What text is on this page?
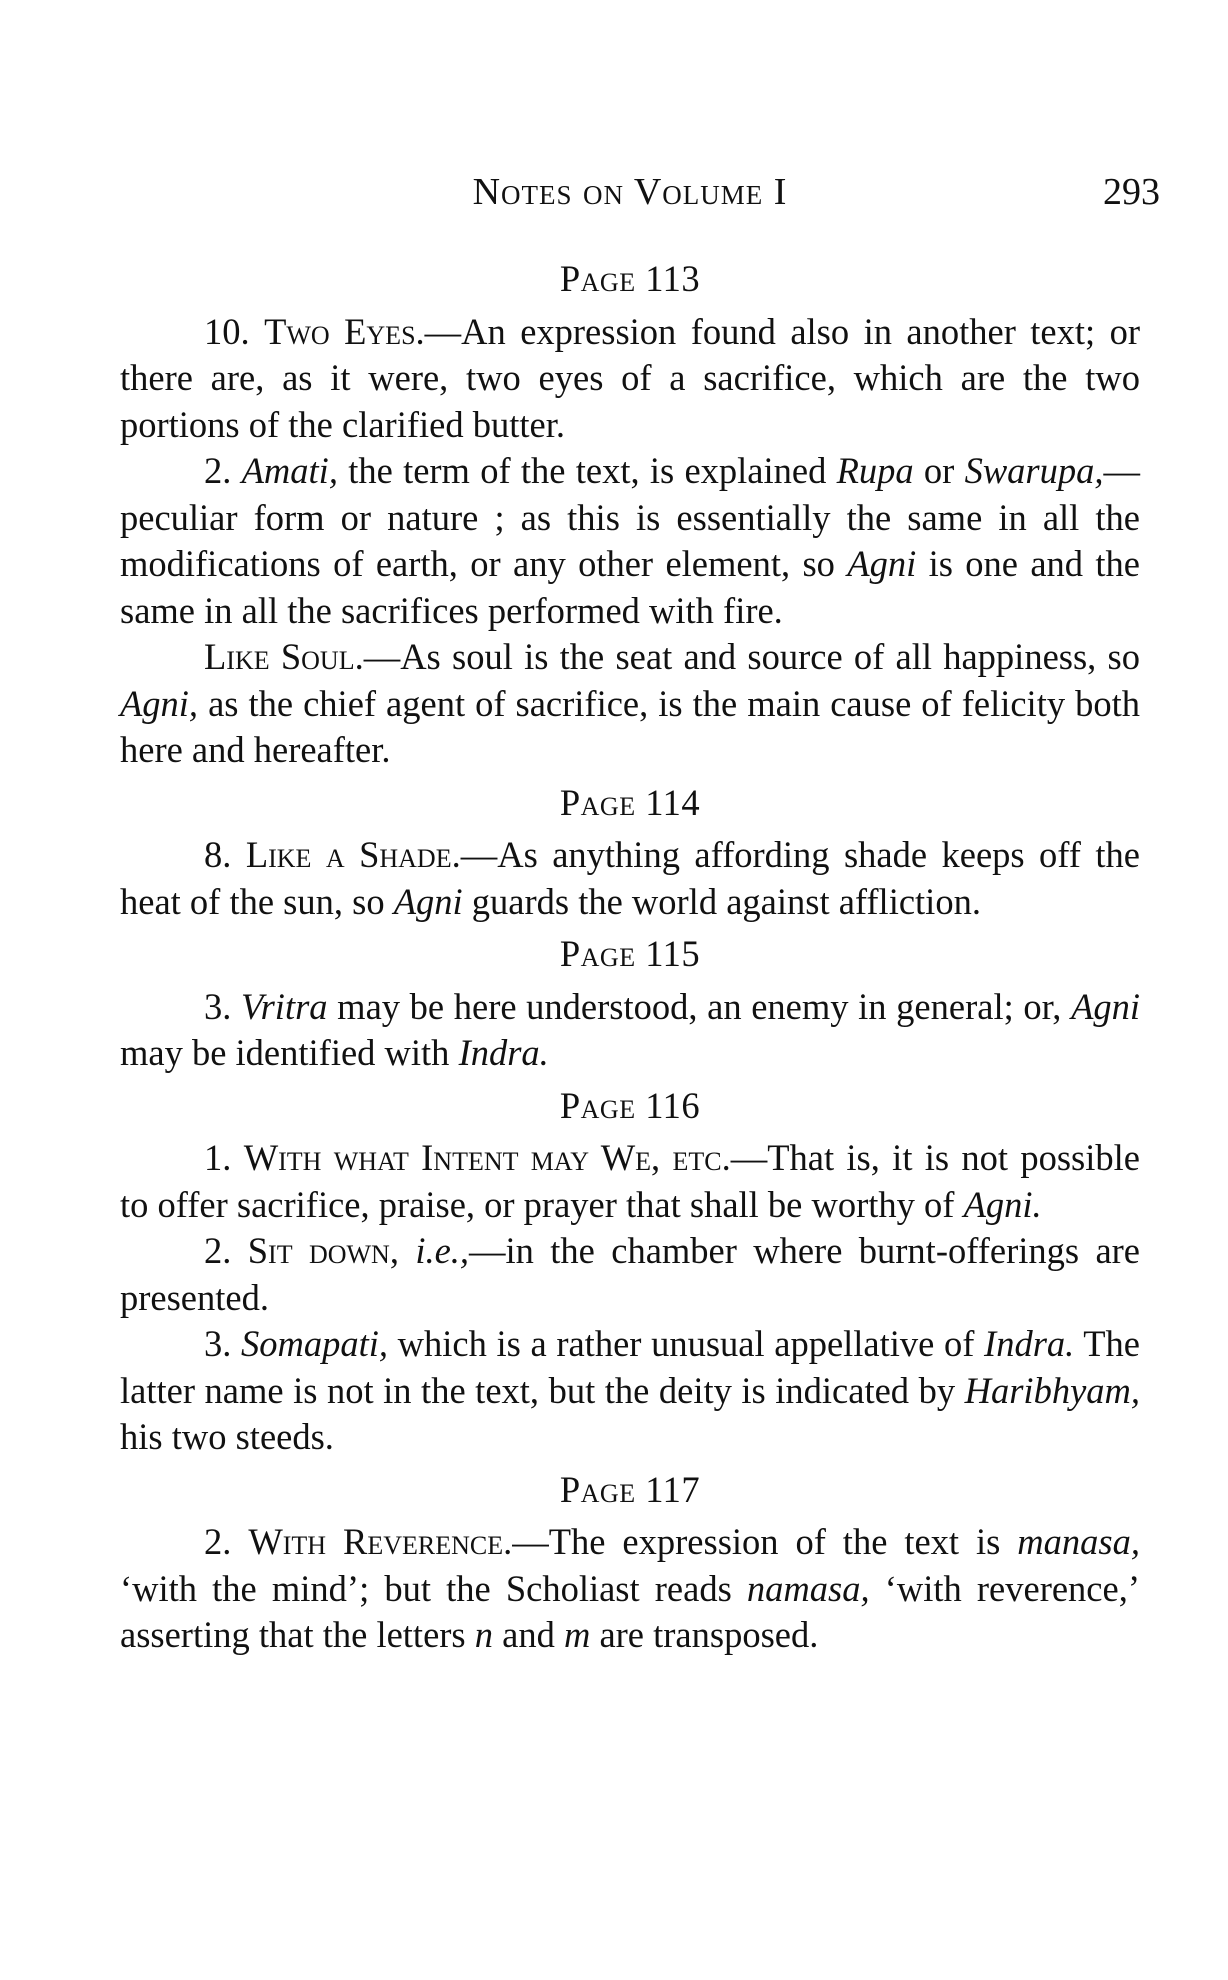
Notes on Volume I	293
Page 113

10. Two Eyes.—An expression found also in another text; or there are, as it were, two eyes of a sacrifice, which are the two portions of the clarified butter.

2. Amati, the term of the text, is explained Rupa or Swarupa,—peculiar form or nature ; as this is essentially the same in all the modifications of earth, or any other element, so Agni is one and the same in all the sacrifices performed with fire.

Like Soul.—As soul is the seat and source of all happiness, so Agni, as the chief agent of sacrifice, is the main cause of felicity both here and hereafter.

Page 114

8. Like a Shade.—As anything affording shade keeps off the heat of the sun, so Agni guards the world against affliction.

Page 115

3. Vritra may be here understood, an enemy in general; or, Agni may be identified with Indra.

Page 116

1. With what Intent may We, etc.—That is, it is not possible to offer sacrifice, praise, or prayer that shall be worthy of Agni.

2. Sit down, i.e.,—in the chamber where burnt-offerings are presented.

3. Somapati, which is a rather unusual appellative of Indra. The latter name is not in the text, but the deity is indicated by Haribhyam, his two steeds.

Page 117

2. With Reverence.—The expression of the text is manasa, ‘with the mind’; but the Scholiast reads namasa, ‘with reverence,’ asserting that the letters n and m are transposed.
